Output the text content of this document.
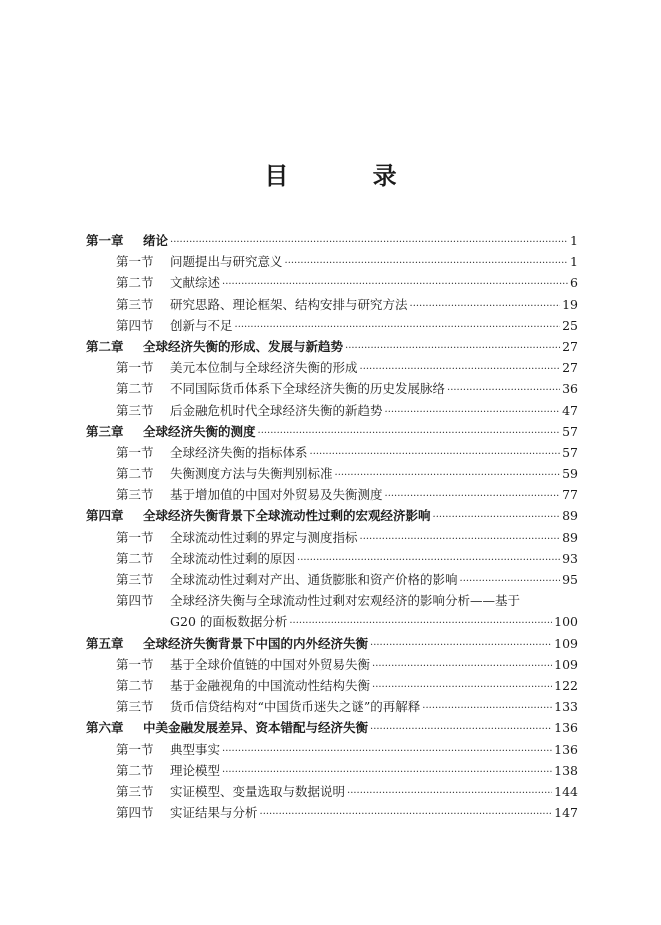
目 录
第一章	绪论 ·····	1
第一节	问题提出与研究意义 ·····	1
第二节	文献综述 ·····	6
第三节	研究思路、理论框架、结构安排与研究方法 ·····	19
第四节	创新与不足 ·····	25
第二章	全球经济失衡的形成、发展与新趋势 ·····	27
第一节	美元本位制与全球经济失衡的形成 ·····	27
第二节	不同国际货币体系下全球经济失衡的历史发展脉络 ·····	36
第三节	后金融危机时代全球经济失衡的新趋势 ·····	47
第三章	全球经济失衡的测度 ·····	57
第一节	全球经济失衡的指标体系 ·····	57
第二节	失衡测度方法与失衡判别标准 ·····	59
第三节	基于增加值的中国对外贸易及失衡测度 ·····	77
第四章	全球经济失衡背景下全球流动性过剩的宏观经济影响 ·····	89
第一节	全球流动性过剩的界定与测度指标 ·····	89
第二节	全球流动性过剩的原因 ·····	93
第三节	全球流动性过剩对产出、通货膨胀和资产价格的影响 ·····	95
第四节	全球经济失衡与全球流动性过剩对宏观经济的影响分析——基于
G20 的面板数据分析 ·····	100
第五章	全球经济失衡背景下中国的内外经济失衡 ·····	109
第一节	基于全球价值链的中国对外贸易失衡 ·····	109
第二节	基于金融视角的中国流动性结构失衡 ·····	122
第三节	货币信贷结构对“中国货币迷失之谜”的再解释 ·····	133
第六章	中美金融发展差异、资本错配与经济失衡 ·····	136
第一节	典型事实 ·····	136
第二节	理论模型 ·····	138
第三节	实证模型、变量选取与数据说明 ·····	144
第四节	实证结果与分析 ·····	147
